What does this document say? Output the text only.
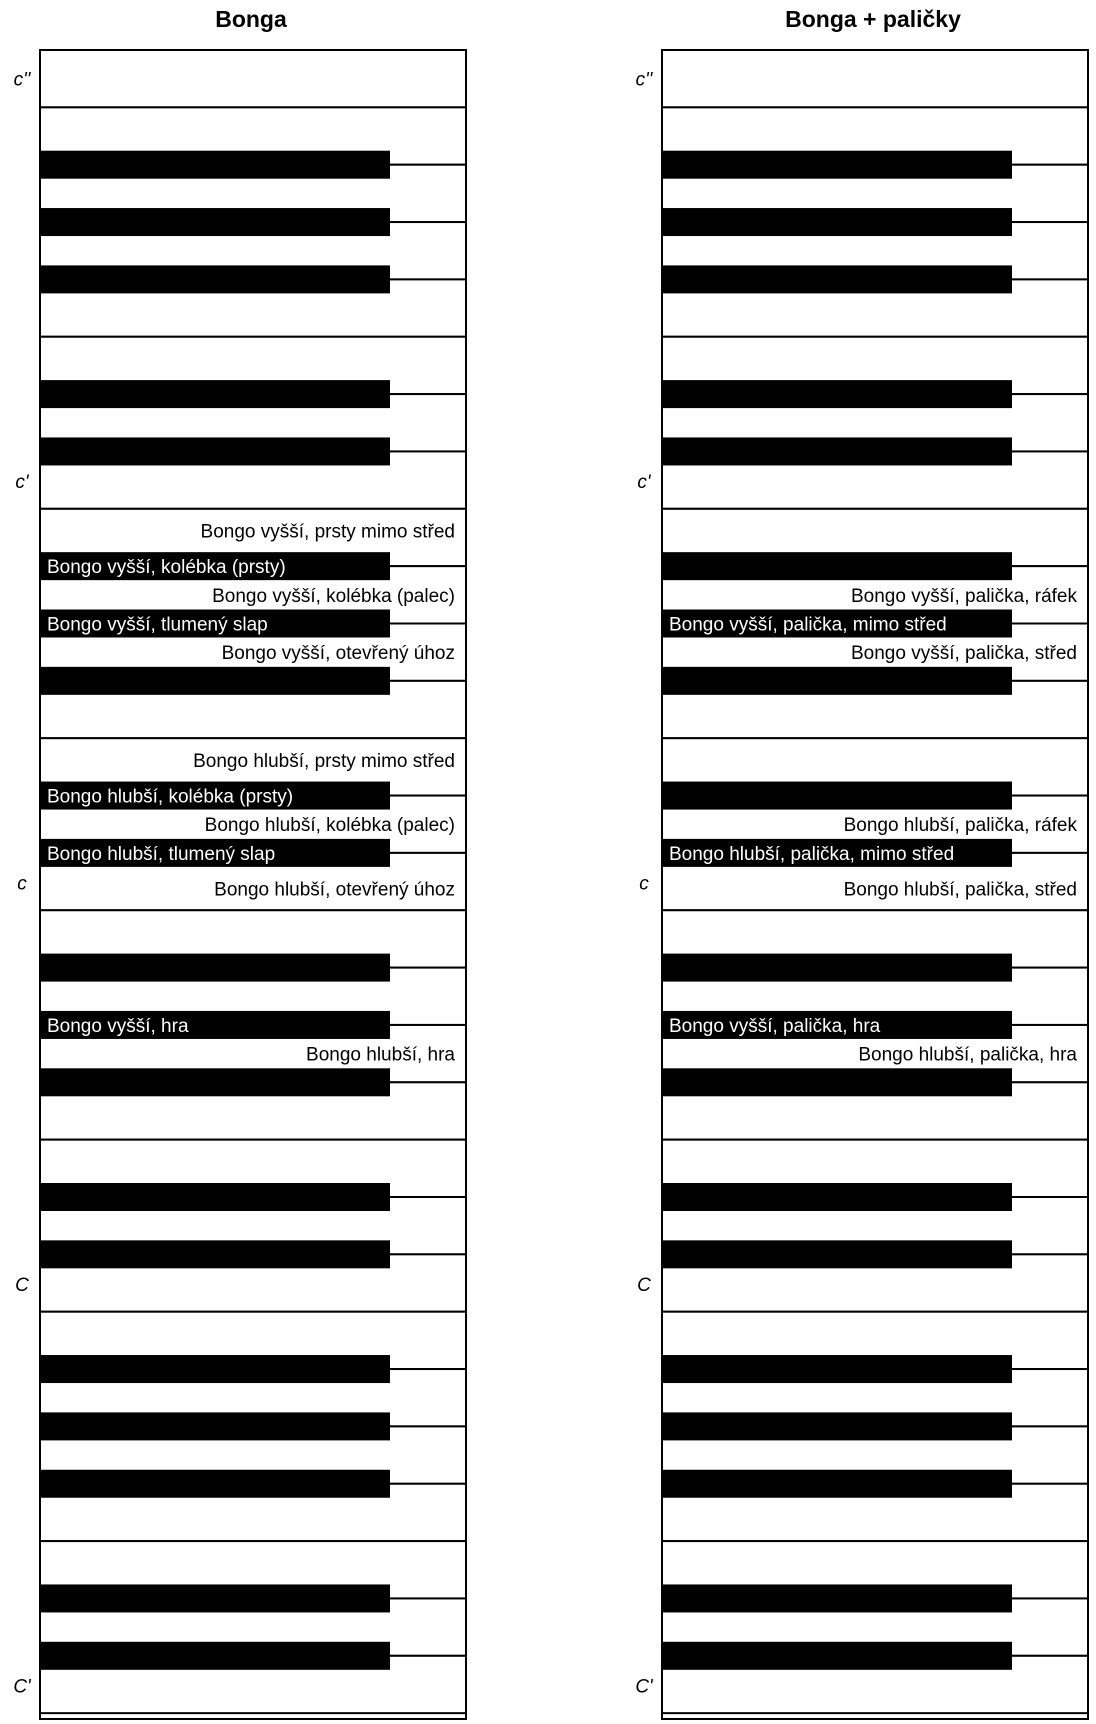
Bonga
c''
c'
c
C
C'
Bongo vyšší, prsty mimo střed
Bongo vyšší, kolébka (palec)
Bongo vyšší, otevřený úhoz
Bongo hlubší, prsty mimo střed
Bongo hlubší, kolébka (palec)
Bongo hlubší, otevřený úhoz
Bongo hlubší, hra
Bongo vyšší, kolébka (prsty)
Bongo vyšší, tlumený slap
Bongo hlubší, kolébka (prsty)
Bongo hlubší, tlumený slap
Bongo vyšší, hra
Bonga + paličky
c''
c'
c
C
C'
Bongo vyšší, palička, ráfek
Bongo vyšší, palička, střed
Bongo hlubší, palička, ráfek
Bongo hlubší, palička, střed
Bongo hlubší, palička, hra
Bongo vyšší, palička, mimo střed
Bongo hlubší, palička, mimo střed
Bongo vyšší, palička, hra
